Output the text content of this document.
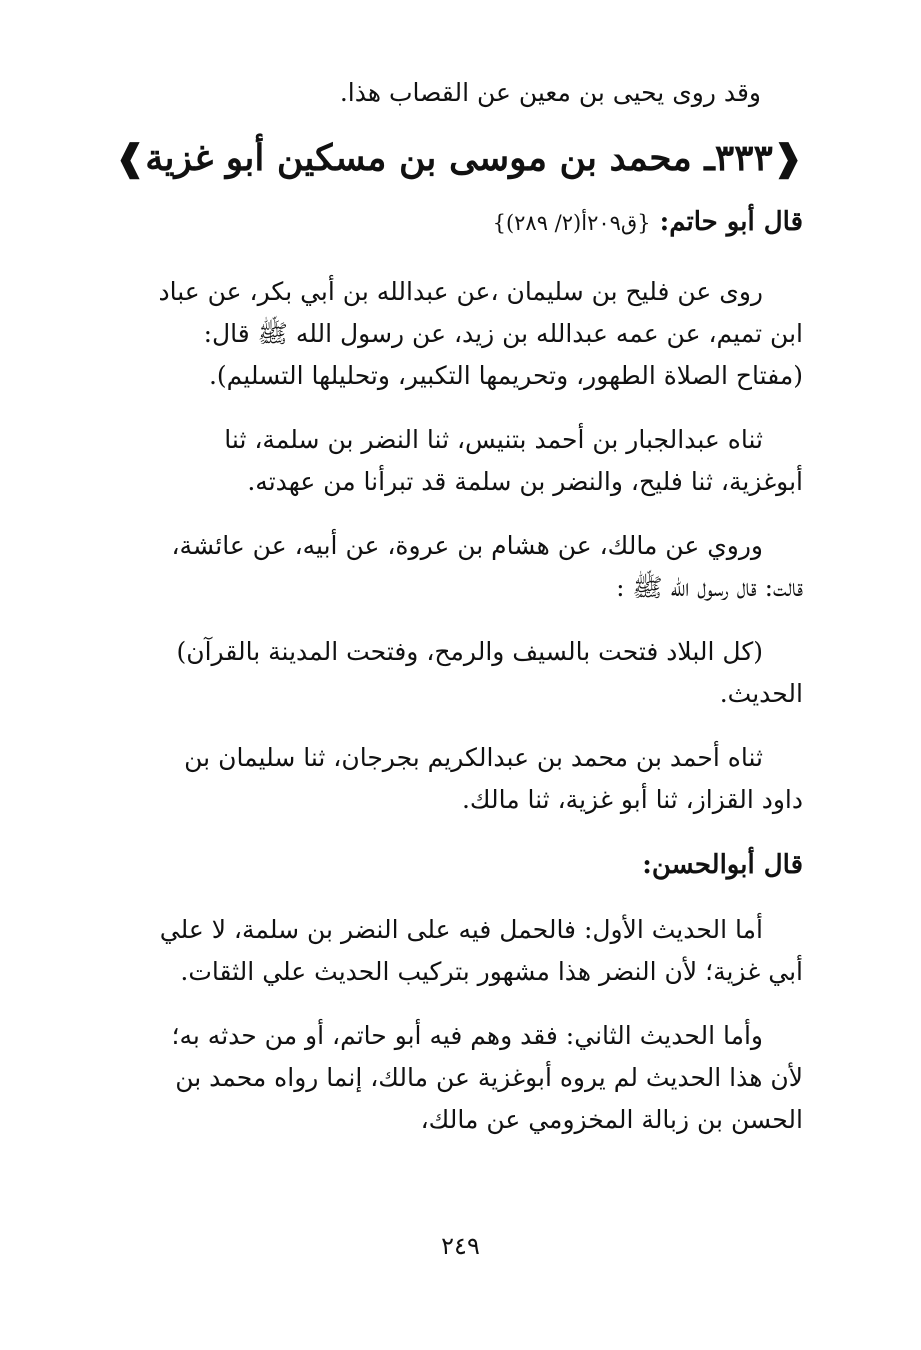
وقد روى يحيى بن معين عن القصاب هذا.

❰٣٣٣ـ محمد بن موسى بن مسكين أبو غزية❱

قال أبو حاتم: {ق٢٠٩أ(٢/ ٢٨٩)}

روى عن فليح بن سليمان ،عن عبدالله بن أبي بكر، عن عباد

ابن تميم، عن عمه عبدالله بن زيد، عن رسول الله ﷺ قال:

(مفتاح الصلاة الطهور، وتحريمها التكبير، وتحليلها التسليم).

ثناه عبدالجبار بن أحمد بتنيس، ثنا النضر بن سلمة، ثنا

أبوغزية، ثنا فليح، والنضر بن سلمة قد تبرأنا من عهدته.

وروي عن مالك، عن هشام بن عروة، عن أبيه، عن عائشة،

قالت: قال رسول الله ﷺ :

(كل البلاد فتحت بالسيف والرمح، وفتحت المدينة بالقرآن)

الحديث.

ثناه أحمد بن محمد بن عبدالكريم بجرجان، ثنا سليمان بن

داود القزاز، ثنا أبو غزية، ثنا مالك.

قال أبوالحسن:

أما الحديث الأول: فالحمل فيه على النضر بن سلمة، لا علي

أبي غزية؛ لأن النضر هذا مشهور بتركيب الحديث علي الثقات.

وأما الحديث الثاني: فقد وهم فيه أبو حاتم، أو من حدثه به؛

لأن هذا الحديث لم يروه أبوغزية عن مالك، إنما رواه محمد بن

الحسن بن زبالة المخزومي عن مالك،

٢٤٩
